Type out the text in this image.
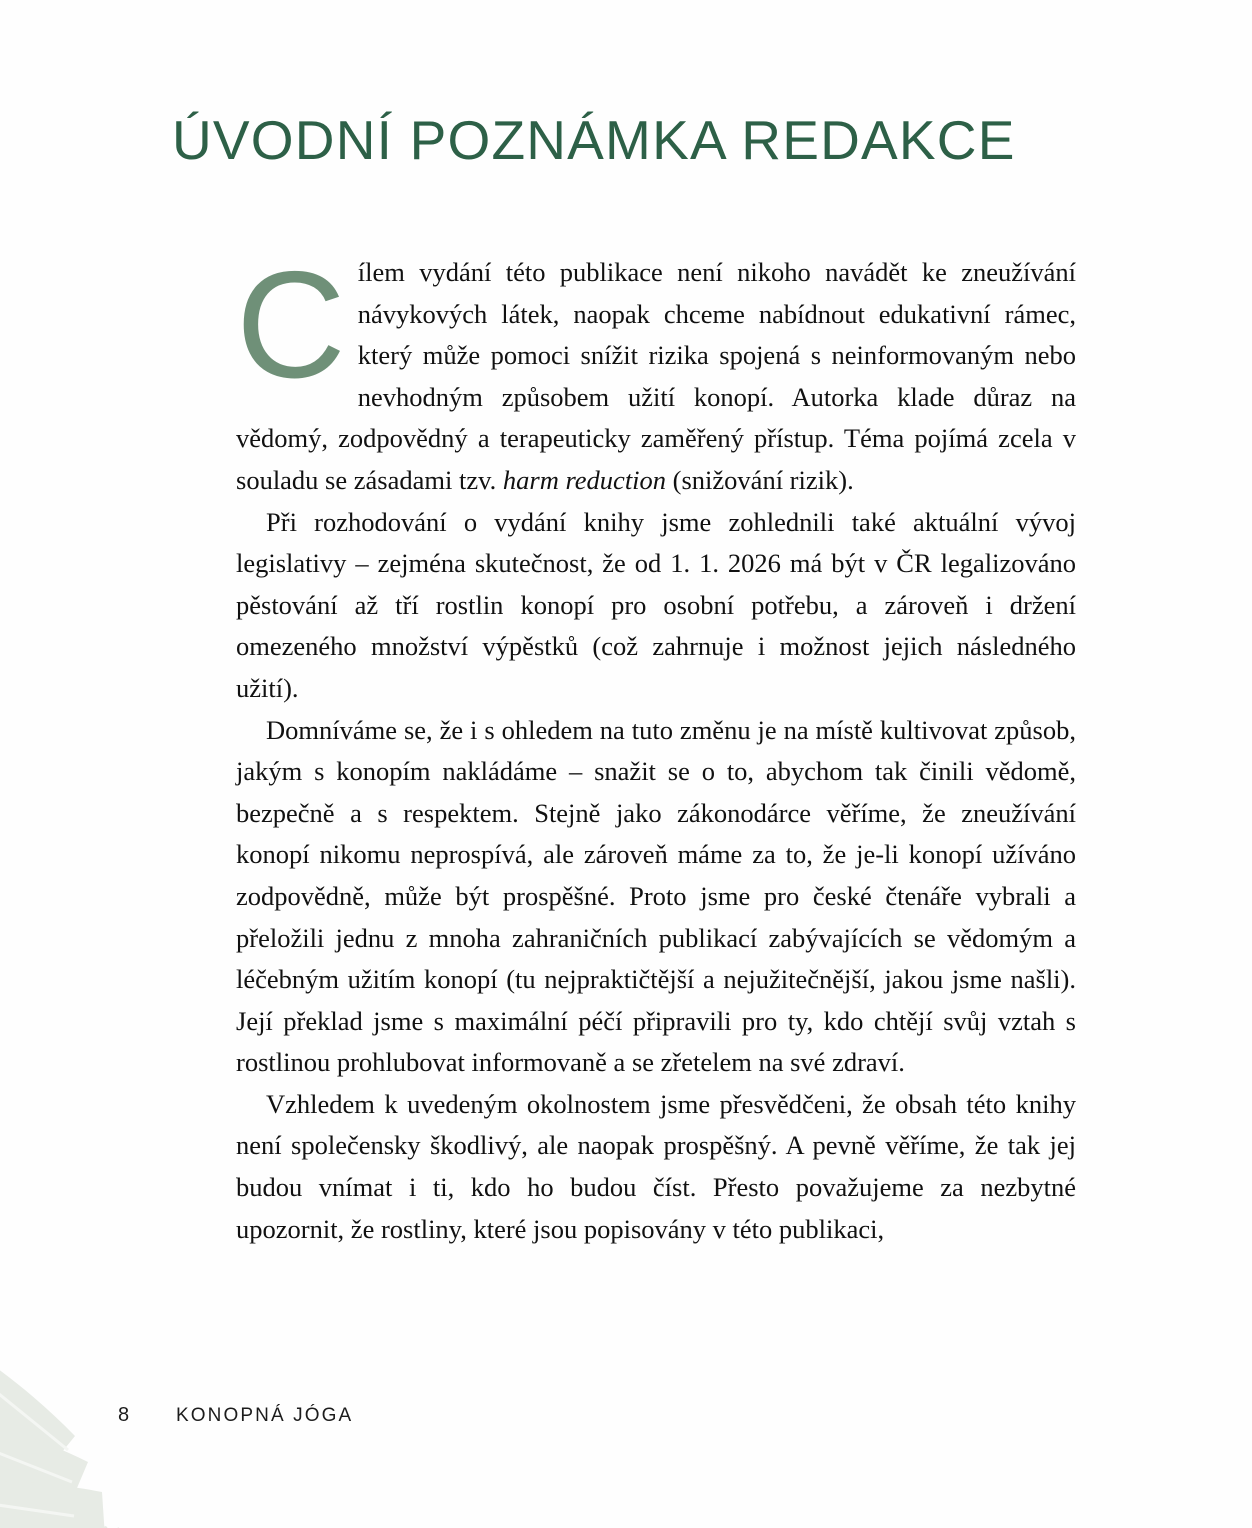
ÚVODNÍ POZNÁMKA REDAKCE

Cílem vydání této publikace není nikoho navádět ke zneužívání návykových látek, naopak chceme nabídnout edukativní rámec, který může pomoci snížit rizika spojená s neinformovaným nebo nevhodným způsobem užití konopí. Autorka klade důraz na vědomý, zodpovědný a terapeuticky zaměřený přístup. Téma pojímá zcela v souladu se zásadami tzv. harm reduction (snižování rizik).

Při rozhodování o vydání knihy jsme zohlednili také aktuální vývoj legislativy – zejména skutečnost, že od 1. 1. 2026 má být v ČR legalizováno pěstování až tří rostlin konopí pro osobní potřebu, a zároveň i držení omezeného množství výpěstků (což zahrnuje i možnost jejich následného užití).

Domníváme se, že i s ohledem na tuto změnu je na místě kultivovat způsob, jakým s konopím nakládáme – snažit se o to, abychom tak činili vědomě, bezpečně a s respektem. Stejně jako zákonodárce věříme, že zneužívání konopí nikomu neprospívá, ale zároveň máme za to, že je-li konopí užíváno zodpovědně, může být prospěšné. Proto jsme pro české čtenáře vybrali a přeložili jednu z mnoha zahraničních publikací zabývajících se vědomým a léčebným užitím konopí (tu nejpraktičtější a nejužitečnější, jakou jsme našli). Její překlad jsme s maximální péčí připravili pro ty, kdo chtějí svůj vztah s rostlinou prohlubovat informovaně a se zřetelem na své zdraví.

Vzhledem k uvedeným okolnostem jsme přesvědčeni, že obsah této knihy není společensky škodlivý, ale naopak prospěšný. A pevně věříme, že tak jej budou vnímat i ti, kdo ho budou číst. Přesto považujeme za nezbytné upozornit, že rostliny, které jsou popisovány v této publikaci,

8	KONOPNÁ JÓGA
